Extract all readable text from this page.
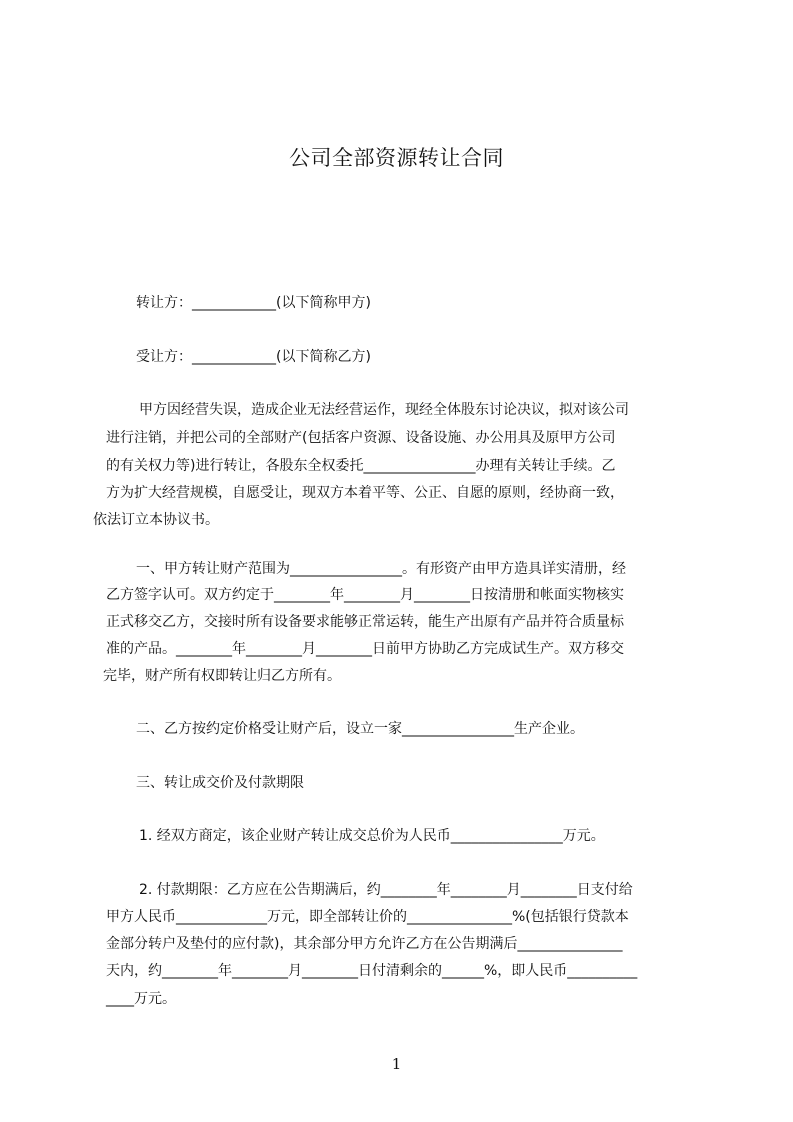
公司全部资源转让合同
转让方：____________(以下简称甲方)
受让方：____________(以下简称乙方)
甲方因经营失误，造成企业无法经营运作，现经全体股东讨论决议，拟对该公司
进行注销，并把公司的全部财产(包括客户资源、设备设施、办公用具及原甲方公司
的有关权力等)进行转让，各股东全权委托________________办理有关转让手续。乙
方为扩大经营规模，自愿受让，现双方本着平等、公正、自愿的原则，经协商一致，
依法订立本协议书。
一、甲方转让财产范围为________________。有形资产由甲方造具详实清册，经
乙方签字认可。双方约定于________年________月________日按清册和帐面实物核实
正式移交乙方，交接时所有设备要求能够正常运转，能生产出原有产品并符合质量标
准的产品。________年________月________日前甲方协助乙方完成试生产。双方移交
完毕，财产所有权即转让归乙方所有。
二、乙方按约定价格受让财产后，设立一家________________生产企业。
三、转让成交价及付款期限
1. 经双方商定，该企业财产转让成交总价为人民币________________万元。
2. 付款期限：乙方应在公告期满后，约________年________月________日支付给
甲方人民币_____________万元，即全部转让价的_______________%(包括银行贷款本
金部分转户及垫付的应付款)，其余部分甲方允许乙方在公告期满后_______________
天内，约________年________月________日付清剩余的______%，即人民币__________
____万元。
1
